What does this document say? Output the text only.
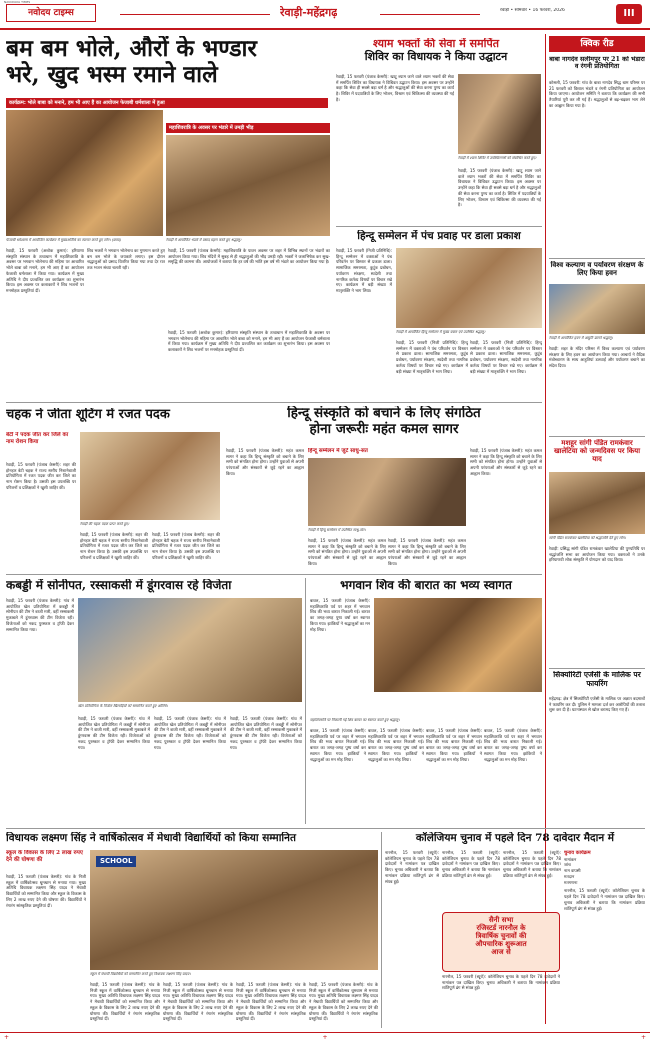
NAVODAYA TIMES
नवोदय टाइम्स	रेवाड़ी-महेंद्रगढ़	रेवाड़ी • सोमवार • 16 फरवरी, 2026	III
बम बम भोले, औरों के भण्डार
भरे, खुद भस्म रमाने वाले
कार्यक्रम: भोले बाबा को मनाने, हम भी आए हैं का आयोजन फेजाबी धर्मशाला में हुआ
महाशिवरात्रि के अवसर पर भंडारे में उमड़ी भीड़
फेजाबी धर्मशाला में आयोजित कार्यक्रम में मुख्यअतिथि का स्वागत करते हुए लोग। (छाया)	रेवाड़ी में आयोजित भंडारे में प्रसाद ग्रहण करते हुए श्रद्धालु।
रेवाड़ी, 15 फरवरी (अशोक कुमार): हरियाणा संस्कृति संस्थान के तत्वाधान में महाशिवरात्रि के अवसर पर भगवान भोलेनाथ की महिमा पर आधारित भोले बाबा को मनाने, हम भी आए हैं का आयोजन फेजाबी धर्मशाला में किया गया। कार्यक्रम में मुख्य अतिथि ने दीप प्रज्वलित कर कार्यक्रम का शुभारंभ किया। इस अवसर पर कलाकारों ने शिव भजनों पर मनमोहक प्रस्तुतियां दीं।
शिव भक्तों ने भगवान भोलेनाथ का गुणगान करते हुए बम बम भोले के जयकारे लगाए। इस दौरान श्रद्धालुओं को प्रसाद वितरित किया गया तथा देर रात तक भजन संध्या चलती रही।
रेवाड़ी, 15 फरवरी (पंजाब केसरी): महाशिवरात्रि के पावन अवसर पर शहर में विभिन्न स्थानों पर भंडारों का आयोजन किया गया। शिव मंदिरों में सुबह से ही श्रद्धालुओं की भीड़ उमड़ी रही। भक्तों ने जलाभिषेक कर सुख-समृद्धि की कामना की। आयोजकों ने बताया कि हर वर्ष की भांति इस वर्ष भी भंडारे का आयोजन किया गया है।
रेवाड़ी, 15 फरवरी (अशोक कुमार): हरियाणा संस्कृति संस्थान के तत्वाधान में महाशिवरात्रि के अवसर पर भगवान भोलेनाथ की महिमा पर आधारित भोले बाबा को मनाने, हम भी आए हैं का आयोजन फेजाबी धर्मशाला में किया गया। कार्यक्रम में मुख्य अतिथि ने दीप प्रज्वलित कर कार्यक्रम का शुभारंभ किया। इस अवसर पर कलाकारों ने शिव भजनों पर मनमोहक प्रस्तुतियां दीं।
श्याम भक्तों की सेवा में समर्पित
शिविर का विधायक ने किया उद्घाटन
रेवाड़ी, 15 फरवरी (पंजाब केसरी): खाटू श्याम जाने वाले श्याम भक्तों की सेवा में समर्पित शिविर का विधायक ने विधिवत उद्घाटन किया। इस अवसर पर उन्होंने कहा कि सेवा ही सबसे बड़ा धर्म है और श्रद्धालुओं की सेवा करना पुण्य का कार्य है। शिविर में पदयात्रियों के लिए भोजन, विश्राम एवं चिकित्सा की व्यवस्था की गई है।
रेवाड़ी में श्याम शिविर में उपस्थितगणों को संबोधित करते हुए।
रेवाड़ी, 15 फरवरी (पंजाब केसरी): खाटू श्याम जाने वाले श्याम भक्तों की सेवा में समर्पित शिविर का विधायक ने विधिवत उद्घाटन किया। इस अवसर पर उन्होंने कहा कि सेवा ही सबसे बड़ा धर्म है और श्रद्धालुओं की सेवा करना पुण्य का कार्य है। शिविर में पदयात्रियों के लिए भोजन, विश्राम एवं चिकित्सा की व्यवस्था की गई है।
हिन्दू सम्मेलन में पंच प्रवाह पर डाला प्रकाश
रेवाड़ी, 15 फरवरी (निजी प्रतिनिधि): हिन्दू सम्मेलन में वक्ताओं ने पंच परिवर्तन पर विस्तार से प्रकाश डाला। सामाजिक समरसता, कुटुंब प्रबोधन, पर्यावरण संरक्षण, स्वदेशी तथा नागरिक कर्तव्य विषयों पर विचार रखे गए। कार्यक्रम में बड़ी संख्या में मातृशक्ति ने भाग लिया।
रेवाड़ी में आयोजित हिन्दू सम्मेलन में मुख्य वक्ता एवं उपस्थित श्रद्धालु।
रेवाड़ी, 15 फरवरी (निजी प्रतिनिधि): हिन्दू सम्मेलन में वक्ताओं ने पंच परिवर्तन पर विस्तार से प्रकाश डाला। सामाजिक समरसता, कुटुंब प्रबोधन, पर्यावरण संरक्षण, स्वदेशी तथा नागरिक कर्तव्य विषयों पर विचार रखे गए। कार्यक्रम में बड़ी संख्या में मातृशक्ति ने भाग लिया।
रेवाड़ी, 15 फरवरी (निजी प्रतिनिधि): हिन्दू सम्मेलन में वक्ताओं ने पंच परिवर्तन पर विस्तार से प्रकाश डाला। सामाजिक समरसता, कुटुंब प्रबोधन, पर्यावरण संरक्षण, स्वदेशी तथा नागरिक कर्तव्य विषयों पर विचार रखे गए। कार्यक्रम में बड़ी संख्या में मातृशक्ति ने भाग लिया।
क्विक रीड
बाबा नागदेव सलीमपुर पर 21 को भंडारा व रंगनी प्रतियोगिता
कोसली, 15 फरवरी: गांव के बाबा नागदेव सिद्ध धाम परिसर पर 21 फरवरी को विशाल भंडारे व रंगनी प्रतियोगिता का आयोजन किया जाएगा। आयोजन समिति ने बताया कि कार्यक्रम की सभी तैयारियां पूरी कर ली गई हैं। श्रद्धालुओं से बढ़-चढ़कर भाग लेने का आह्वान किया गया है।
विश्व कल्याण व पर्यावरण संरक्षण के लिए किया हवन
रेवाड़ी में आयोजित हवन में आहुति डालते श्रद्धालु।
रेवाड़ी: शहर के मंदिर परिसर में विश्व कल्याण एवं पर्यावरण संरक्षण के लिए हवन का आयोजन किया गया। आचार्य ने वैदिक मंत्रोच्चारण के साथ आहुतियां डलवाईं और पर्यावरण बचाने का संदेश दिया।
मशहूर सांगी पंडित रामकंवार खालेटिया को जन्मदिवस पर किया याद
सांगी पंडित रामकंवार खालेटिया को श्रद्धांजलि देते हुए लोग।
रेवाड़ी: प्रसिद्ध सांगी पंडित रामकंवार खालेटिया की पुण्यतिथि पर श्रद्धांजलि सभा का आयोजन किया गया। वक्ताओं ने उनके हरियाणवी लोक संस्कृति में योगदान को याद किया।
सिक्योरिटी एजेंसी के मालिक पर फायरिंग
महेंद्रगढ़: क्षेत्र में सिक्योरिटी एजेंसी के मालिक पर अज्ञात बदमाशों ने फायरिंग कर दी। पुलिस ने मामला दर्ज कर आरोपियों की तलाश शुरू कर दी है। घटनास्थल से खोल बरामद किए गए हैं।
चहक ने जीता शूटिंग में रजत पदक
बेटी ने पदक जीत कर जिले का नाम रोशन किया
रेवाड़ी, 15 फरवरी (पंजाब केसरी): शहर की होनहार बेटी चहक ने राज्य स्तरीय निशानेबाजी प्रतियोगिता में रजत पदक जीत कर जिले का नाम रोशन किया है। उसकी इस उपलब्धि पर परिजनों व प्रशिक्षकों ने खुशी जाहिर की।
रेवाड़ी की चहक पदक प्राप्त करते हुए।
रेवाड़ी, 15 फरवरी (पंजाब केसरी): शहर की होनहार बेटी चहक ने राज्य स्तरीय निशानेबाजी प्रतियोगिता में रजत पदक जीत कर जिले का नाम रोशन किया है। उसकी इस उपलब्धि पर परिजनों व प्रशिक्षकों ने खुशी जाहिर की।
रेवाड़ी, 15 फरवरी (पंजाब केसरी): शहर की होनहार बेटी चहक ने राज्य स्तरीय निशानेबाजी प्रतियोगिता में रजत पदक जीत कर जिले का नाम रोशन किया है। उसकी इस उपलब्धि पर परिजनों व प्रशिक्षकों ने खुशी जाहिर की।
हिन्दू संस्कृति को बचाने के लिए संगठित
होना जरूरीः महंत कमल सागर
रेवाड़ी, 15 फरवरी (पंजाब केसरी): महंत कमल सागर ने कहा कि हिन्दू संस्कृति को बचाने के लिए सभी को संगठित होना होगा। उन्होंने युवाओं से अपनी परंपराओं और संस्कारों से जुड़े रहने का आह्वान किया।
हिन्दू सम्मेलन में जुटे साधु-संत
रेवाड़ी में हिन्दू सम्मेलन में उपस्थित साधु-संत।
रेवाड़ी, 15 फरवरी (पंजाब केसरी): महंत कमल सागर ने कहा कि हिन्दू संस्कृति को बचाने के लिए सभी को संगठित होना होगा। उन्होंने युवाओं से अपनी परंपराओं और संस्कारों से जुड़े रहने का आह्वान किया।
रेवाड़ी, 15 फरवरी (पंजाब केसरी): महंत कमल सागर ने कहा कि हिन्दू संस्कृति को बचाने के लिए सभी को संगठित होना होगा। उन्होंने युवाओं से अपनी परंपराओं और संस्कारों से जुड़े रहने का आह्वान किया।
रेवाड़ी, 15 फरवरी (पंजाब केसरी): महंत कमल सागर ने कहा कि हिन्दू संस्कृति को बचाने के लिए सभी को संगठित होना होगा। उन्होंने युवाओं से अपनी परंपराओं और संस्कारों से जुड़े रहने का आह्वान किया।
कबड्डी में सोनीपत, रस्साकसी में डूंगरवास रहे विजेता
रेवाड़ी, 15 फरवरी (पंजाब केसरी): गांव में आयोजित खेल प्रतियोगिता में कबड्डी में सोनीपत की टीम ने बाजी मारी, वहीं रस्साकसी मुकाबले में डूंगरवास की टीम विजेता रही। विजेताओं को नकद पुरस्कार व ट्रॉफी देकर सम्मानित किया गया।
खेल प्रतियोगिता के विजेता खिलाड़ियों को सम्मानित करते हुए अतिथि।
रेवाड़ी, 15 फरवरी (पंजाब केसरी): गांव में आयोजित खेल प्रतियोगिता में कबड्डी में सोनीपत की टीम ने बाजी मारी, वहीं रस्साकसी मुकाबले में डूंगरवास की टीम विजेता रही। विजेताओं को नकद पुरस्कार व ट्रॉफी देकर सम्मानित किया गया।
रेवाड़ी, 15 फरवरी (पंजाब केसरी): गांव में आयोजित खेल प्रतियोगिता में कबड्डी में सोनीपत की टीम ने बाजी मारी, वहीं रस्साकसी मुकाबले में डूंगरवास की टीम विजेता रही। विजेताओं को नकद पुरस्कार व ट्रॉफी देकर सम्मानित किया गया।
रेवाड़ी, 15 फरवरी (पंजाब केसरी): गांव में आयोजित खेल प्रतियोगिता में कबड्डी में सोनीपत की टीम ने बाजी मारी, वहीं रस्साकसी मुकाबले में डूंगरवास की टीम विजेता रही। विजेताओं को नकद पुरस्कार व ट्रॉफी देकर सम्मानित किया गया।
भगवान शिव की बारात का भव्य स्वागत
बावल, 15 फरवरी (पंजाब केसरी): महाशिवरात्रि पर्व पर शहर में भगवान शिव की भव्य बारात निकाली गई। बारात का जगह-जगह पुष्प वर्षा कर स्वागत किया गया। झांकियों ने श्रद्धालुओं का मन मोह लिया।
महाशिवरात्रि पर निकाली गई शिव बारात का स्वागत करते हुए श्रद्धालु।
बावल, 15 फरवरी (पंजाब केसरी): महाशिवरात्रि पर्व पर शहर में भगवान शिव की भव्य बारात निकाली गई। बारात का जगह-जगह पुष्प वर्षा कर स्वागत किया गया। झांकियों ने श्रद्धालुओं का मन मोह लिया।
बावल, 15 फरवरी (पंजाब केसरी): महाशिवरात्रि पर्व पर शहर में भगवान शिव की भव्य बारात निकाली गई। बारात का जगह-जगह पुष्प वर्षा कर स्वागत किया गया। झांकियों ने श्रद्धालुओं का मन मोह लिया।
बावल, 15 फरवरी (पंजाब केसरी): महाशिवरात्रि पर्व पर शहर में भगवान शिव की भव्य बारात निकाली गई। बारात का जगह-जगह पुष्प वर्षा कर स्वागत किया गया। झांकियों ने श्रद्धालुओं का मन मोह लिया।
बावल, 15 फरवरी (पंजाब केसरी): महाशिवरात्रि पर्व पर शहर में भगवान शिव की भव्य बारात निकाली गई। बारात का जगह-जगह पुष्प वर्षा कर स्वागत किया गया। झांकियों ने श्रद्धालुओं का मन मोह लिया।
विधायक लक्ष्मण सिंह ने वार्षिकोत्सव में मेधावी विद्यार्थियों को किया सम्मानित
स्कूल के विकास के लिए 2 लाख रुपए देने की घोषणा की
रेवाड़ी, 15 फरवरी (पंजाब केसरी): गांव के निजी स्कूल में वार्षिकोत्सव धूमधाम से मनाया गया। मुख्य अतिथि विधायक लक्ष्मण सिंह यादव ने मेधावी विद्यार्थियों को सम्मानित किया और स्कूल के विकास के लिए 2 लाख रुपए देने की घोषणा की। विद्यार्थियों ने रंगारंग सांस्कृतिक प्रस्तुतियां दीं।
SCHOOL
स्कूल में मेधावी विद्यार्थियों को सम्मानित करते हुए विधायक लक्ष्मण सिंह यादव।
रेवाड़ी, 15 फरवरी (पंजाब केसरी): गांव के निजी स्कूल में वार्षिकोत्सव धूमधाम से मनाया गया। मुख्य अतिथि विधायक लक्ष्मण सिंह यादव ने मेधावी विद्यार्थियों को सम्मानित किया और स्कूल के विकास के लिए 2 लाख रुपए देने की घोषणा की। विद्यार्थियों ने रंगारंग सांस्कृतिक प्रस्तुतियां दीं।
रेवाड़ी, 15 फरवरी (पंजाब केसरी): गांव के निजी स्कूल में वार्षिकोत्सव धूमधाम से मनाया गया। मुख्य अतिथि विधायक लक्ष्मण सिंह यादव ने मेधावी विद्यार्थियों को सम्मानित किया और स्कूल के विकास के लिए 2 लाख रुपए देने की घोषणा की। विद्यार्थियों ने रंगारंग सांस्कृतिक प्रस्तुतियां दीं।
रेवाड़ी, 15 फरवरी (पंजाब केसरी): गांव के निजी स्कूल में वार्षिकोत्सव धूमधाम से मनाया गया। मुख्य अतिथि विधायक लक्ष्मण सिंह यादव ने मेधावी विद्यार्थियों को सम्मानित किया और स्कूल के विकास के लिए 2 लाख रुपए देने की घोषणा की। विद्यार्थियों ने रंगारंग सांस्कृतिक प्रस्तुतियां दीं।
रेवाड़ी, 15 फरवरी (पंजाब केसरी): गांव के निजी स्कूल में वार्षिकोत्सव धूमधाम से मनाया गया। मुख्य अतिथि विधायक लक्ष्मण सिंह यादव ने मेधावी विद्यार्थियों को सम्मानित किया और स्कूल के विकास के लिए 2 लाख रुपए देने की घोषणा की। विद्यार्थियों ने रंगारंग सांस्कृतिक प्रस्तुतियां दीं।
कॉलेजियम चुनाव में पहले दिन 78 दावेदार मैदान में
नारनौल, 15 फरवरी (ब्यूरो): कॉलेजियम चुनाव के पहले दिन 78 दावेदारों ने नामांकन पत्र दाखिल किए। चुनाव अधिकारी ने बताया कि नामांकन प्रक्रिया शांतिपूर्ण ढंग से संपन्न हुई।
सैनी सभा
रजिस्टर्ड नारनौल के
त्रिवार्षिक चुनावों की
औपचारिक शुरूआत
आज से
नारनौल, 15 फरवरी (ब्यूरो): कॉलेजियम चुनाव के पहले दिन 78 दावेदारों ने नामांकन पत्र दाखिल किए। चुनाव अधिकारी ने बताया कि नामांकन प्रक्रिया शांतिपूर्ण ढंग से संपन्न हुई।
नारनौल, 15 फरवरी (ब्यूरो): कॉलेजियम चुनाव के पहले दिन 78 दावेदारों ने नामांकन पत्र दाखिल किए। चुनाव अधिकारी ने बताया कि नामांकन प्रक्रिया शांतिपूर्ण ढंग से संपन्न हुई।
नारनौल, 15 फरवरी (ब्यूरो): कॉलेजियम चुनाव के पहले दिन 78 दावेदारों ने नामांकन पत्र दाखिल किए। चुनाव अधिकारी ने बताया कि नामांकन प्रक्रिया शांतिपूर्ण ढंग से संपन्न हुई।
चुनाव कार्यक्रम
नामांकन
जांच
नाम वापसी
मतदान
मतगणना
नारनौल, 15 फरवरी (ब्यूरो): कॉलेजियम चुनाव के पहले दिन 78 दावेदारों ने नामांकन पत्र दाखिल किए। चुनाव अधिकारी ने बताया कि नामांकन प्रक्रिया शांतिपूर्ण ढंग से संपन्न हुई।
+	+	+
